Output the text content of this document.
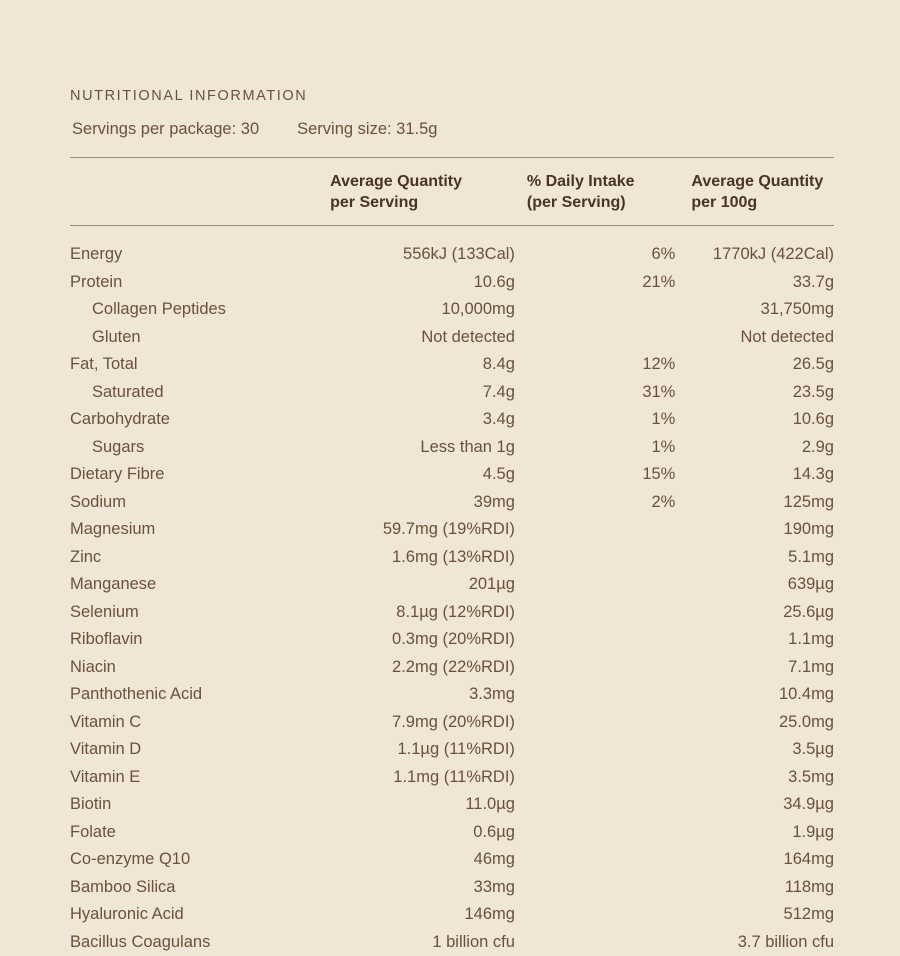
NUTRITIONAL INFORMATION
Servings per package: 30 Serving size: 31.5g

Average Quantity
per Serving

% Daily Intake
(per Serving)

Average Quantity
per 100g

Energy	556kJ (133Cal)	6%	1770kJ (422Cal)
Protein	10.6g	21%	33.7g
Collagen Peptides	10,000mg		31,750mg
Gluten	Not detected		Not detected
Fat, Total	8.4g	12%	26.5g
Saturated	7.4g	31%	23.5g
Carbohydrate	3.4g	1%	10.6g
Sugars	Less than 1g	1%	2.9g
Dietary Fibre	4.5g	15%	14.3g
Sodium	39mg	2%	125mg
Magnesium	59.7mg (19%RDI)		190mg
Zinc	1.6mg (13%RDI)		5.1mg
Manganese	201µg		639µg
Selenium	8.1µg (12%RDI)		25.6µg
Riboflavin	0.3mg (20%RDI)		1.1mg
Niacin	2.2mg (22%RDI)		7.1mg
Panthothenic Acid	3.3mg		10.4mg
Vitamin C	7.9mg (20%RDI)		25.0mg
Vitamin D	1.1µg (11%RDI)		3.5µg
Vitamin E	1.1mg (11%RDI)		3.5mg
Biotin	11.0µg		34.9µg
Folate	0.6µg		1.9µg
Co-enzyme Q10	46mg		164mg
Bamboo Silica	33mg		118mg
Hyaluronic Acid	146mg		512mg
Bacillus Coagulans	1 billion cfu		3.7 billion cfu
